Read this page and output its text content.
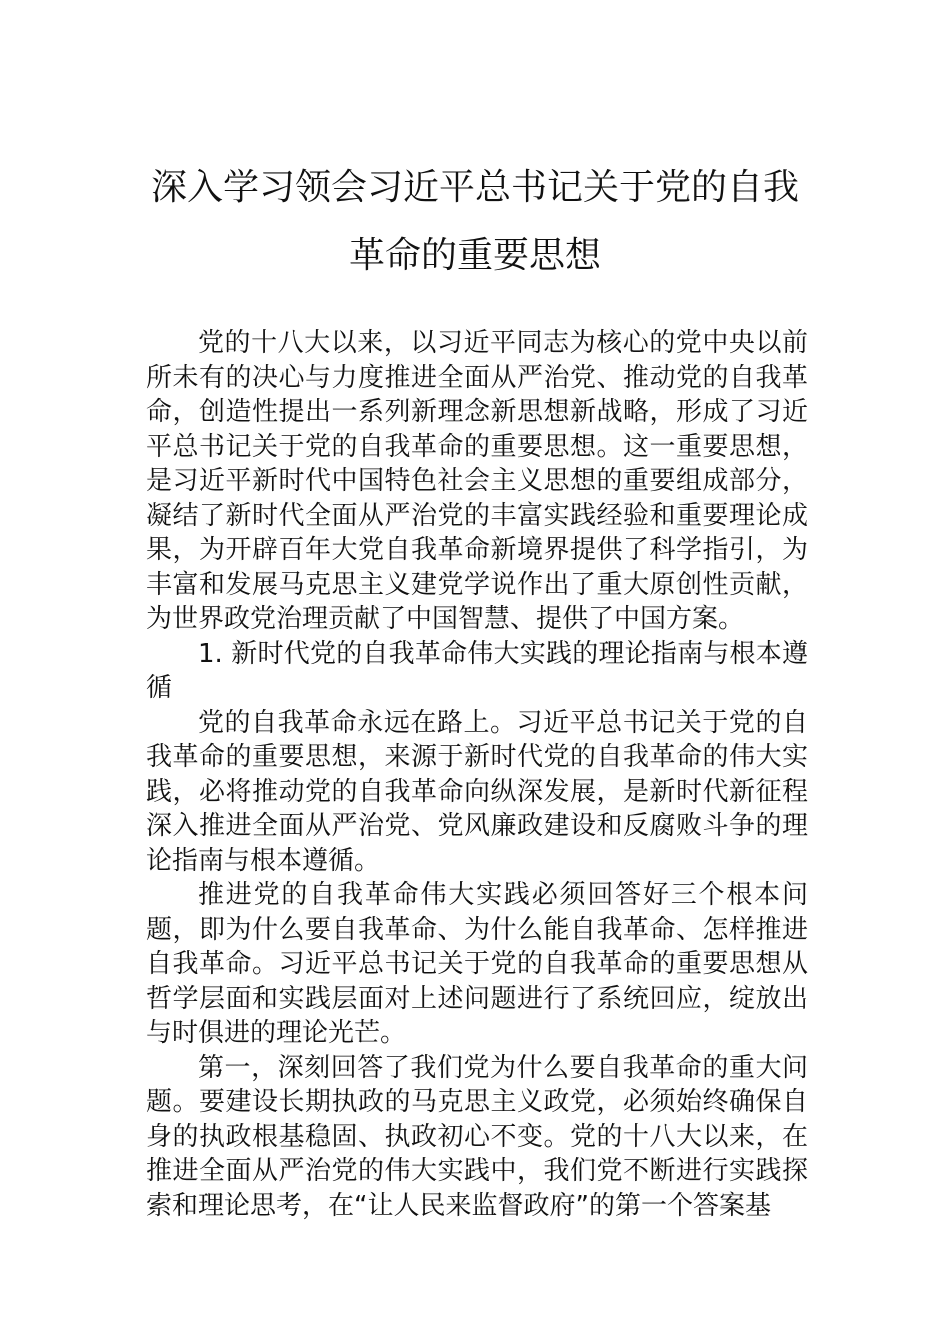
深入学习领会习近平总书记关于党的自我
革命的重要思想

党的十八大以来，以习近平同志为核心的党中央以前所未有的决心与力度推进全面从严治党、推动党的自我革命，创造性提出一系列新理念新思想新战略，形成了习近平总书记关于党的自我革命的重要思想。这一重要思想，是习近平新时代中国特色社会主义思想的重要组成部分，凝结了新时代全面从严治党的丰富实践经验和重要理论成果，为开辟百年大党自我革命新境界提供了科学指引，为丰富和发展马克思主义建党学说作出了重大原创性贡献，为世界政党治理贡献了中国智慧、提供了中国方案。

1. 新时代党的自我革命伟大实践的理论指南与根本遵循

党的自我革命永远在路上。习近平总书记关于党的自我革命的重要思想，来源于新时代党的自我革命的伟大实践，必将推动党的自我革命向纵深发展，是新时代新征程深入推进全面从严治党、党风廉政建设和反腐败斗争的理论指南与根本遵循。

推进党的自我革命伟大实践必须回答好三个根本问题，即为什么要自我革命、为什么能自我革命、怎样推进自我革命。习近平总书记关于党的自我革命的重要思想从哲学层面和实践层面对上述问题进行了系统回应，绽放出与时俱进的理论光芒。

第一，深刻回答了我们党为什么要自我革命的重大问题。要建设长期执政的马克思主义政党，必须始终确保自身的执政根基稳固、执政初心不变。党的十八大以来，在推进全面从严治党的伟大实践中，我们党不断进行实践探索和理论思考，在“让人民来监督政府”的第一个答案基
